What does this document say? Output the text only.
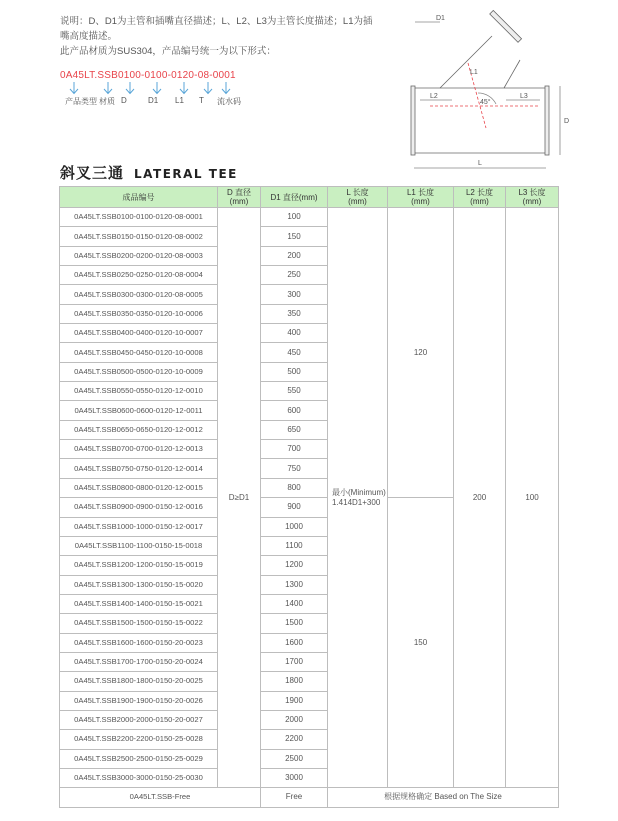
说明：D、D1为主管和插嘴直径描述；L、L2、L3为主管长度描述；L1为插

嘴高度描述。

此产品材质为SUS304，产品编号统一为以下形式：

0A45LT.SSB0100-0100-0120-08-0001
产品类型 材质 D	D1 L1 T 流水码
D1
L2	L3
45°
L1
D
L
斜叉三通 LATERAL TEE
成品编号	D 直径
(mm)	D1 直径(mm)	L 长度
(mm)	L1 长度
(mm)	L2 长度
(mm)	L3 长度
(mm)
0A45LT.SSB0100-0100-0120-08-0001	D≥D1	100	最小(Minimum)
1.414D1+300	120	200	100
0A45LT.SSB0150-0150-0120-08-0002		150				
0A45LT.SSB0200-0200-0120-08-0003		200				
0A45LT.SSB0250-0250-0120-08-0004		250				
0A45LT.SSB0300-0300-0120-08-0005		300				
0A45LT.SSB0350-0350-0120-10-0006		350				
0A45LT.SSB0400-0400-0120-10-0007		400				
0A45LT.SSB0450-0450-0120-10-0008		450				
0A45LT.SSB0500-0500-0120-10-0009		500				
0A45LT.SSB0550-0550-0120-12-0010		550				
0A45LT.SSB0600-0600-0120-12-0011		600				
0A45LT.SSB0650-0650-0120-12-0012		650				
0A45LT.SSB0700-0700-0120-12-0013		700				
0A45LT.SSB0750-0750-0120-12-0014		750				
0A45LT.SSB0800-0800-0120-12-0015		800				
0A45LT.SSB0900-0900-0150-12-0016		900		150		
0A45LT.SSB1000-1000-0150-12-0017		1000				
0A45LT.SSB1100-1100-0150-15-0018		1100				
0A45LT.SSB1200-1200-0150-15-0019		1200				
0A45LT.SSB1300-1300-0150-15-0020		1300				
0A45LT.SSB1400-1400-0150-15-0021		1400				
0A45LT.SSB1500-1500-0150-15-0022		1500				
0A45LT.SSB1600-1600-0150-20-0023		1600				
0A45LT.SSB1700-1700-0150-20-0024		1700				
0A45LT.SSB1800-1800-0150-20-0025		1800				
0A45LT.SSB1900-1900-0150-20-0026		1900				
0A45LT.SSB2000-2000-0150-20-0027		2000				
0A45LT.SSB2200-2200-0150-25-0028		2200				
0A45LT.SSB2500-2500-0150-25-0029		2500				
0A45LT.SSB3000-3000-0150-25-0030		3000				
0A45LT.SSB-Free		Free	根据规格确定 Based on The Size			
